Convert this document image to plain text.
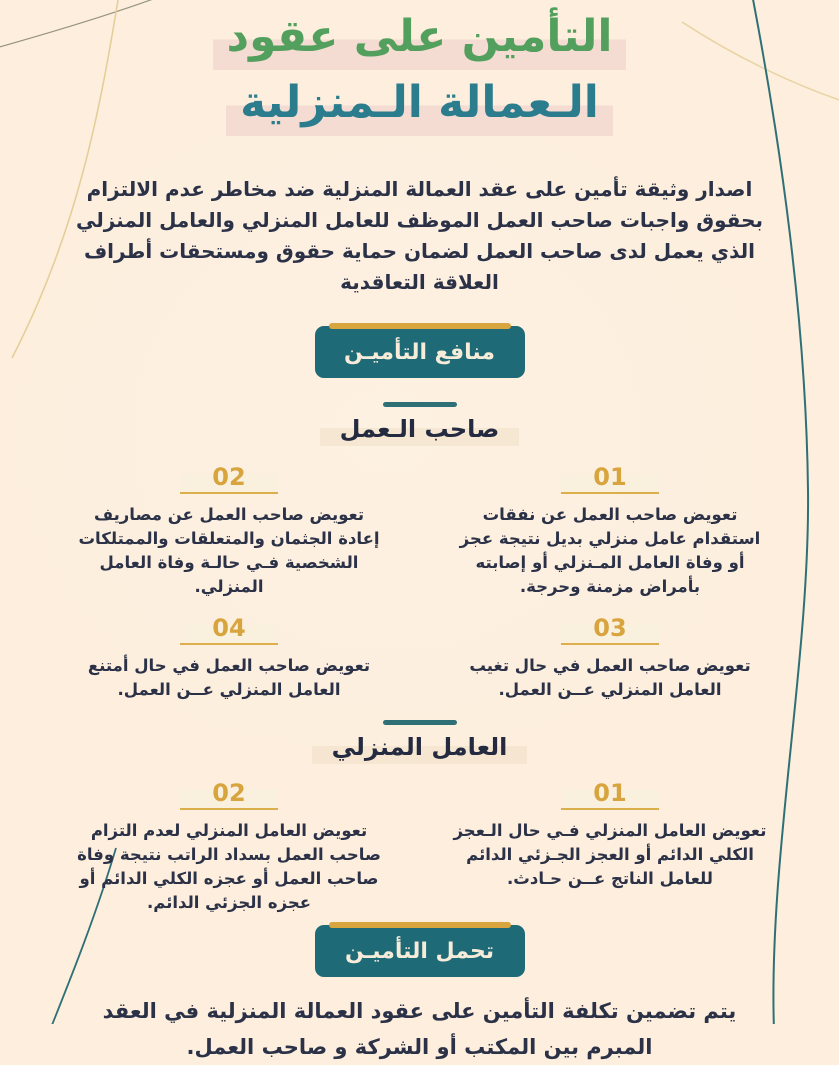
التأمين على عقود
الـعمالة الـمنزلية

اصدار وثيقة تأمين على عقد العمالة المنزلية ضد مخاطر عدم الالتزام بحقوق واجبات صاحب العمل الموظف للعامل المنزلي والعامل المنزلي الذي يعمل لدى صاحب العمل لضمان حماية حقوق ومستحقات أطراف العلاقة التعاقدية

منافع التأميـن
صاحب الـعمل
01

تعويض صاحب العمل عن نفقات استقدام عامل منزلي بديل نتيجة عجز أو وفاة العامل المـنزلي أو إصابته بأمراض مزمنة وحرجة.

02

تعويض صاحب العمل عن مصاريف إعادة الجثمان والمتعلقات والممتلكات الشخصية فـي حالـة وفاة العامل المنزلي.

03

تعويض صاحب العمل في حال تغيب العامل المنزلي عــن العمل.

04

تعويض صاحب العمل في حال أمتنع العامل المنزلي عــن العمل.

العامل المنزلي
01

تعويض العامل المنزلي فـي حال الـعجز الكلي الدائم أو العجز الجـزئي الدائم للعامل الناتج عــن حـادث.

02

تعويض العامل المنزلي لعدم التزام صاحب العمل بسداد الراتب نتيجة وفاة صاحب العمل أو عجزه الكلي الدائم أو عجزه الجزئي الدائم.

تحمل التأميـن

يتم تضمين تكلفة التأمين على عقود العمالة المنزلية في العقد المبرم بين المكتب أو الشركة و صاحب العمل.
